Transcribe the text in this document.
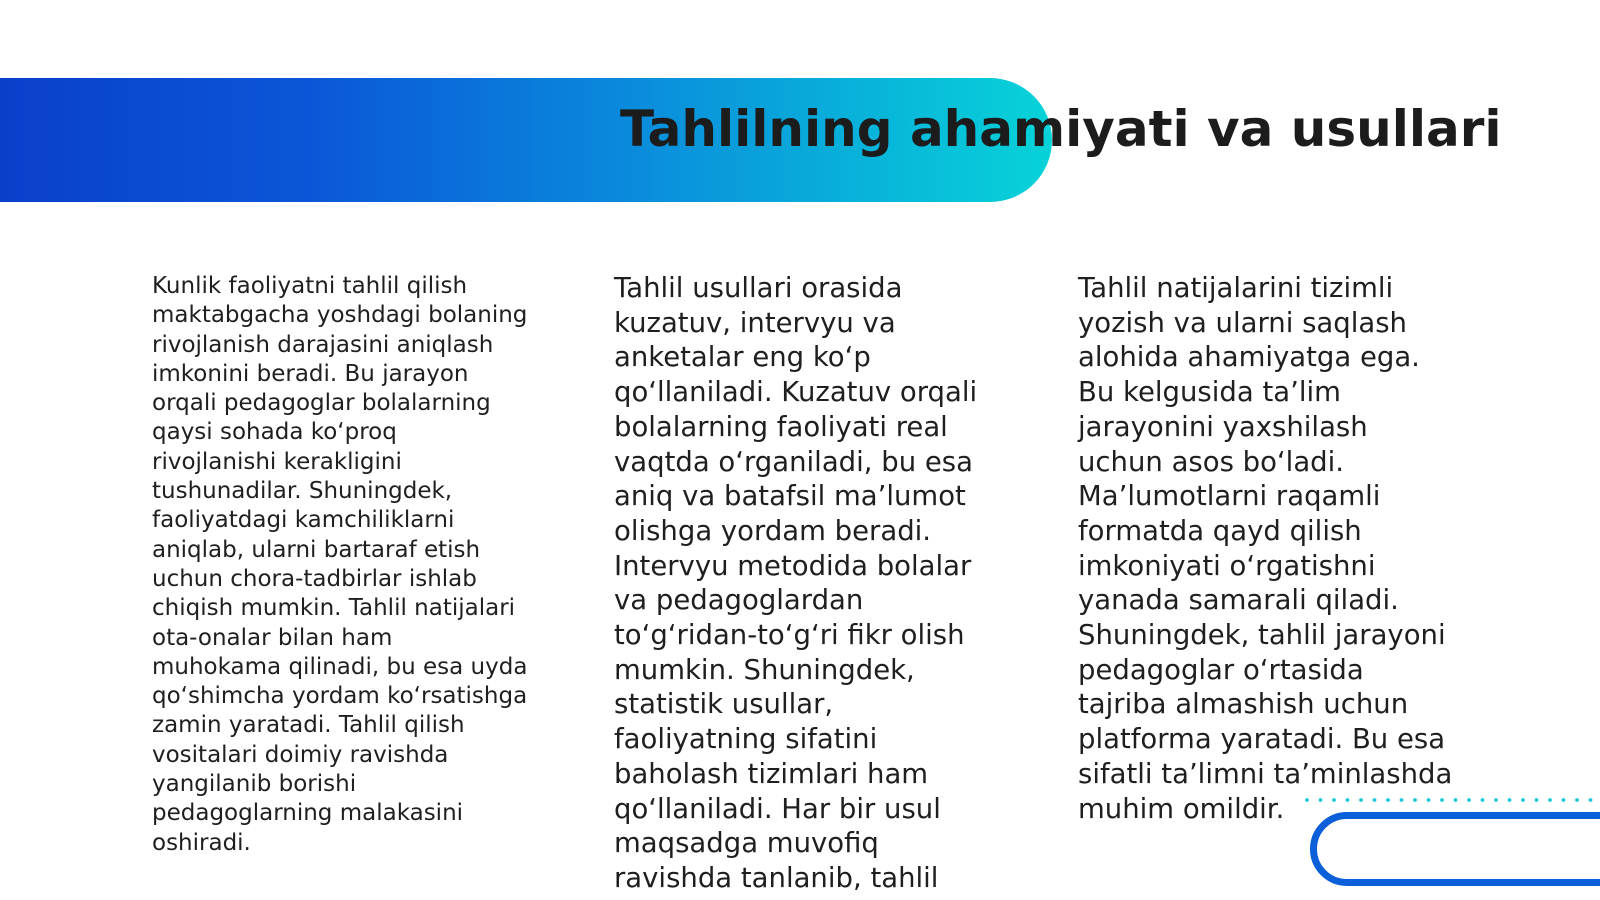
Tahlilning ahamiyati va usullari

Kunlik faoliyatni tahlil qilish maktabgacha yoshdagi bolaning rivojlanish darajasini aniqlash imkonini beradi. Bu jarayon orqali pedagoglar bolalarning qaysi sohada ko‘proq rivojlanishi kerakligini tushunadilar. Shuningdek, faoliyatdagi kamchiliklarni aniqlab, ularni bartaraf etish uchun chora-tadbirlar ishlab chiqish mumkin. Tahlil natijalari ota-onalar bilan ham muhokama qilinadi, bu esa uyda qo‘shimcha yordam ko‘rsatishga zamin yaratadi. Tahlil qilish vositalari doimiy ravishda yangilanib borishi pedagoglarning malakasini oshiradi.

Tahlil usullari orasida kuzatuv, intervyu va anketalar eng ko‘p qo‘llaniladi. Kuzatuv orqali bolalarning faoliyati real vaqtda o‘rganiladi, bu esa aniq va batafsil ma’lumot olishga yordam beradi. Intervyu metodida bolalar va pedagoglardan to‘g‘ridan-to‘g‘ri fikr olish mumkin. Shuningdek, statistik usullar, faoliyatning sifatini baholash tizimlari ham qo‘llaniladi. Har bir usul maqsadga muvofiq ravishda tanlanib, tahlil

Tahlil natijalarini tizimli yozish va ularni saqlash alohida ahamiyatga ega. Bu kelgusida ta’lim jarayonini yaxshilash uchun asos bo‘ladi. Ma’lumotlarni raqamli formatda qayd qilish imkoniyati o‘rgatishni yanada samarali qiladi. Shuningdek, tahlil jarayoni pedagoglar o‘rtasida tajriba almashish uchun platforma yaratadi. Bu esa sifatli ta’limni ta’minlashda muhim omildir.
